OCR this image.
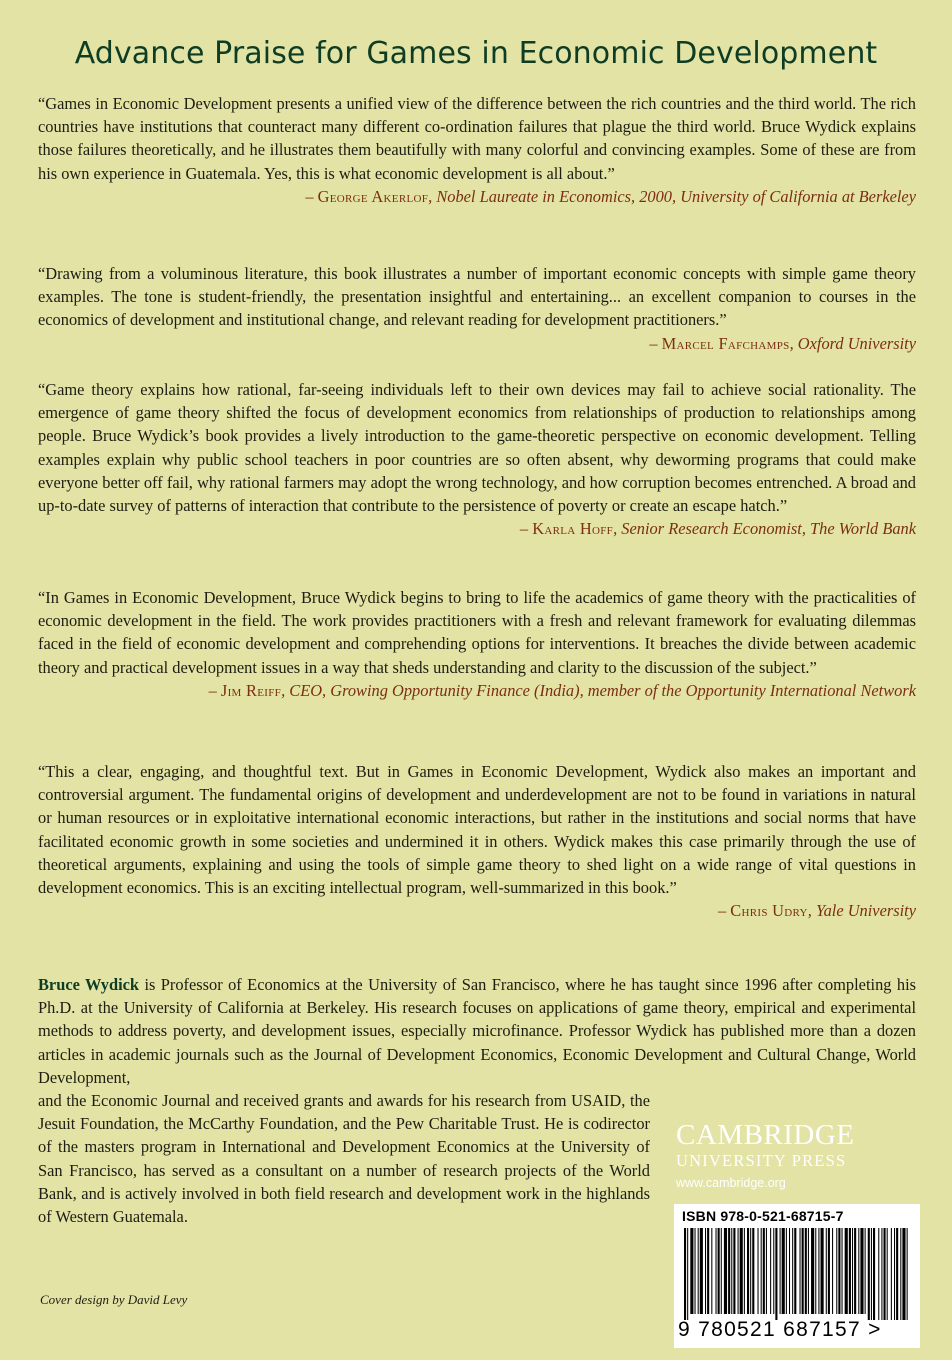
Advance Praise for Games in Economic Development

“Games in Economic Development presents a unified view of the difference between the rich countries and the third world. The rich countries have institutions that counteract many different co-ordination failures that plague the third world. Bruce Wydick explains those failures theoretically, and he illustrates them beautifully with many colorful and convincing examples. Some of these are from his own experience in Guatemala. Yes, this is what economic development is all about.”

– George Akerlof, Nobel Laureate in Economics, 2000, University of California at Berkeley

“Drawing from a voluminous literature, this book illustrates a number of important economic concepts with simple game theory examples. The tone is student-friendly, the presentation insightful and entertaining... an excellent companion to courses in the economics of development and institutional change, and relevant reading for development practitioners.”

– Marcel Fafchamps, Oxford University

“Game theory explains how rational, far-seeing individuals left to their own devices may fail to achieve social rationality. The emergence of game theory shifted the focus of development economics from relationships of production to relationships among people. Bruce Wydick’s book provides a lively introduction to the game-theoretic perspective on economic development. Telling examples explain why public school teachers in poor countries are so often absent, why deworming programs that could make everyone better off fail, why rational farmers may adopt the wrong technology, and how corruption becomes entrenched. A broad and up-to-date survey of patterns of interaction that contribute to the persistence of poverty or create an escape hatch.”

– Karla Hoff, Senior Research Economist, The World Bank

“In Games in Economic Development, Bruce Wydick begins to bring to life the academics of game theory with the practicalities of economic development in the field. The work provides practitioners with a fresh and relevant framework for evaluating dilemmas faced in the field of economic development and comprehending options for interventions. It breaches the divide between academic theory and practical development issues in a way that sheds understanding and clarity to the discussion of the subject.”

– Jim Reiff, CEO, Growing Opportunity Finance (India), member of the Opportunity International Network

“This a clear, engaging, and thoughtful text. But in Games in Economic Development, Wydick also makes an important and controversial argument. The fundamental origins of development and underdevelopment are not to be found in variations in natural or human resources or in exploitative international economic interactions, but rather in the institutions and social norms that have facilitated economic growth in some societies and undermined it in others. Wydick makes this case primarily through the use of theoretical arguments, explaining and using the tools of simple game theory to shed light on a wide range of vital questions in development economics. This is an exciting intellectual program, well-summarized in this book.”

– Chris Udry, Yale University
Bruce Wydick is Professor of Economics at the University of San Francisco, where he has taught since 1996 after completing his Ph.D. at the University of California at Berkeley. His research focuses on applications of game theory, empirical and experimental methods to address poverty, and development issues, especially microfinance. Professor Wydick has published more than a dozen articles in academic journals such as the Journal of Development Economics, Economic Development and Cultural Change, World Development,
and the Economic Journal and received grants and awards for his research from USAID, the Jesuit Foundation, the McCarthy Foundation, and the Pew Charitable Trust. He is codirector of the masters program in International and Development Economics at the University of San Francisco, has served as a consultant on a number of research projects of the World Bank, and is actively involved in both field research and development work in the highlands of Western Guatemala.
Cover design by David Levy
CAMBRIDGE
UNIVERSITY PRESS
www.cambridge.org
ISBN 978-0-521-68715-7
9 780521 687157 >
